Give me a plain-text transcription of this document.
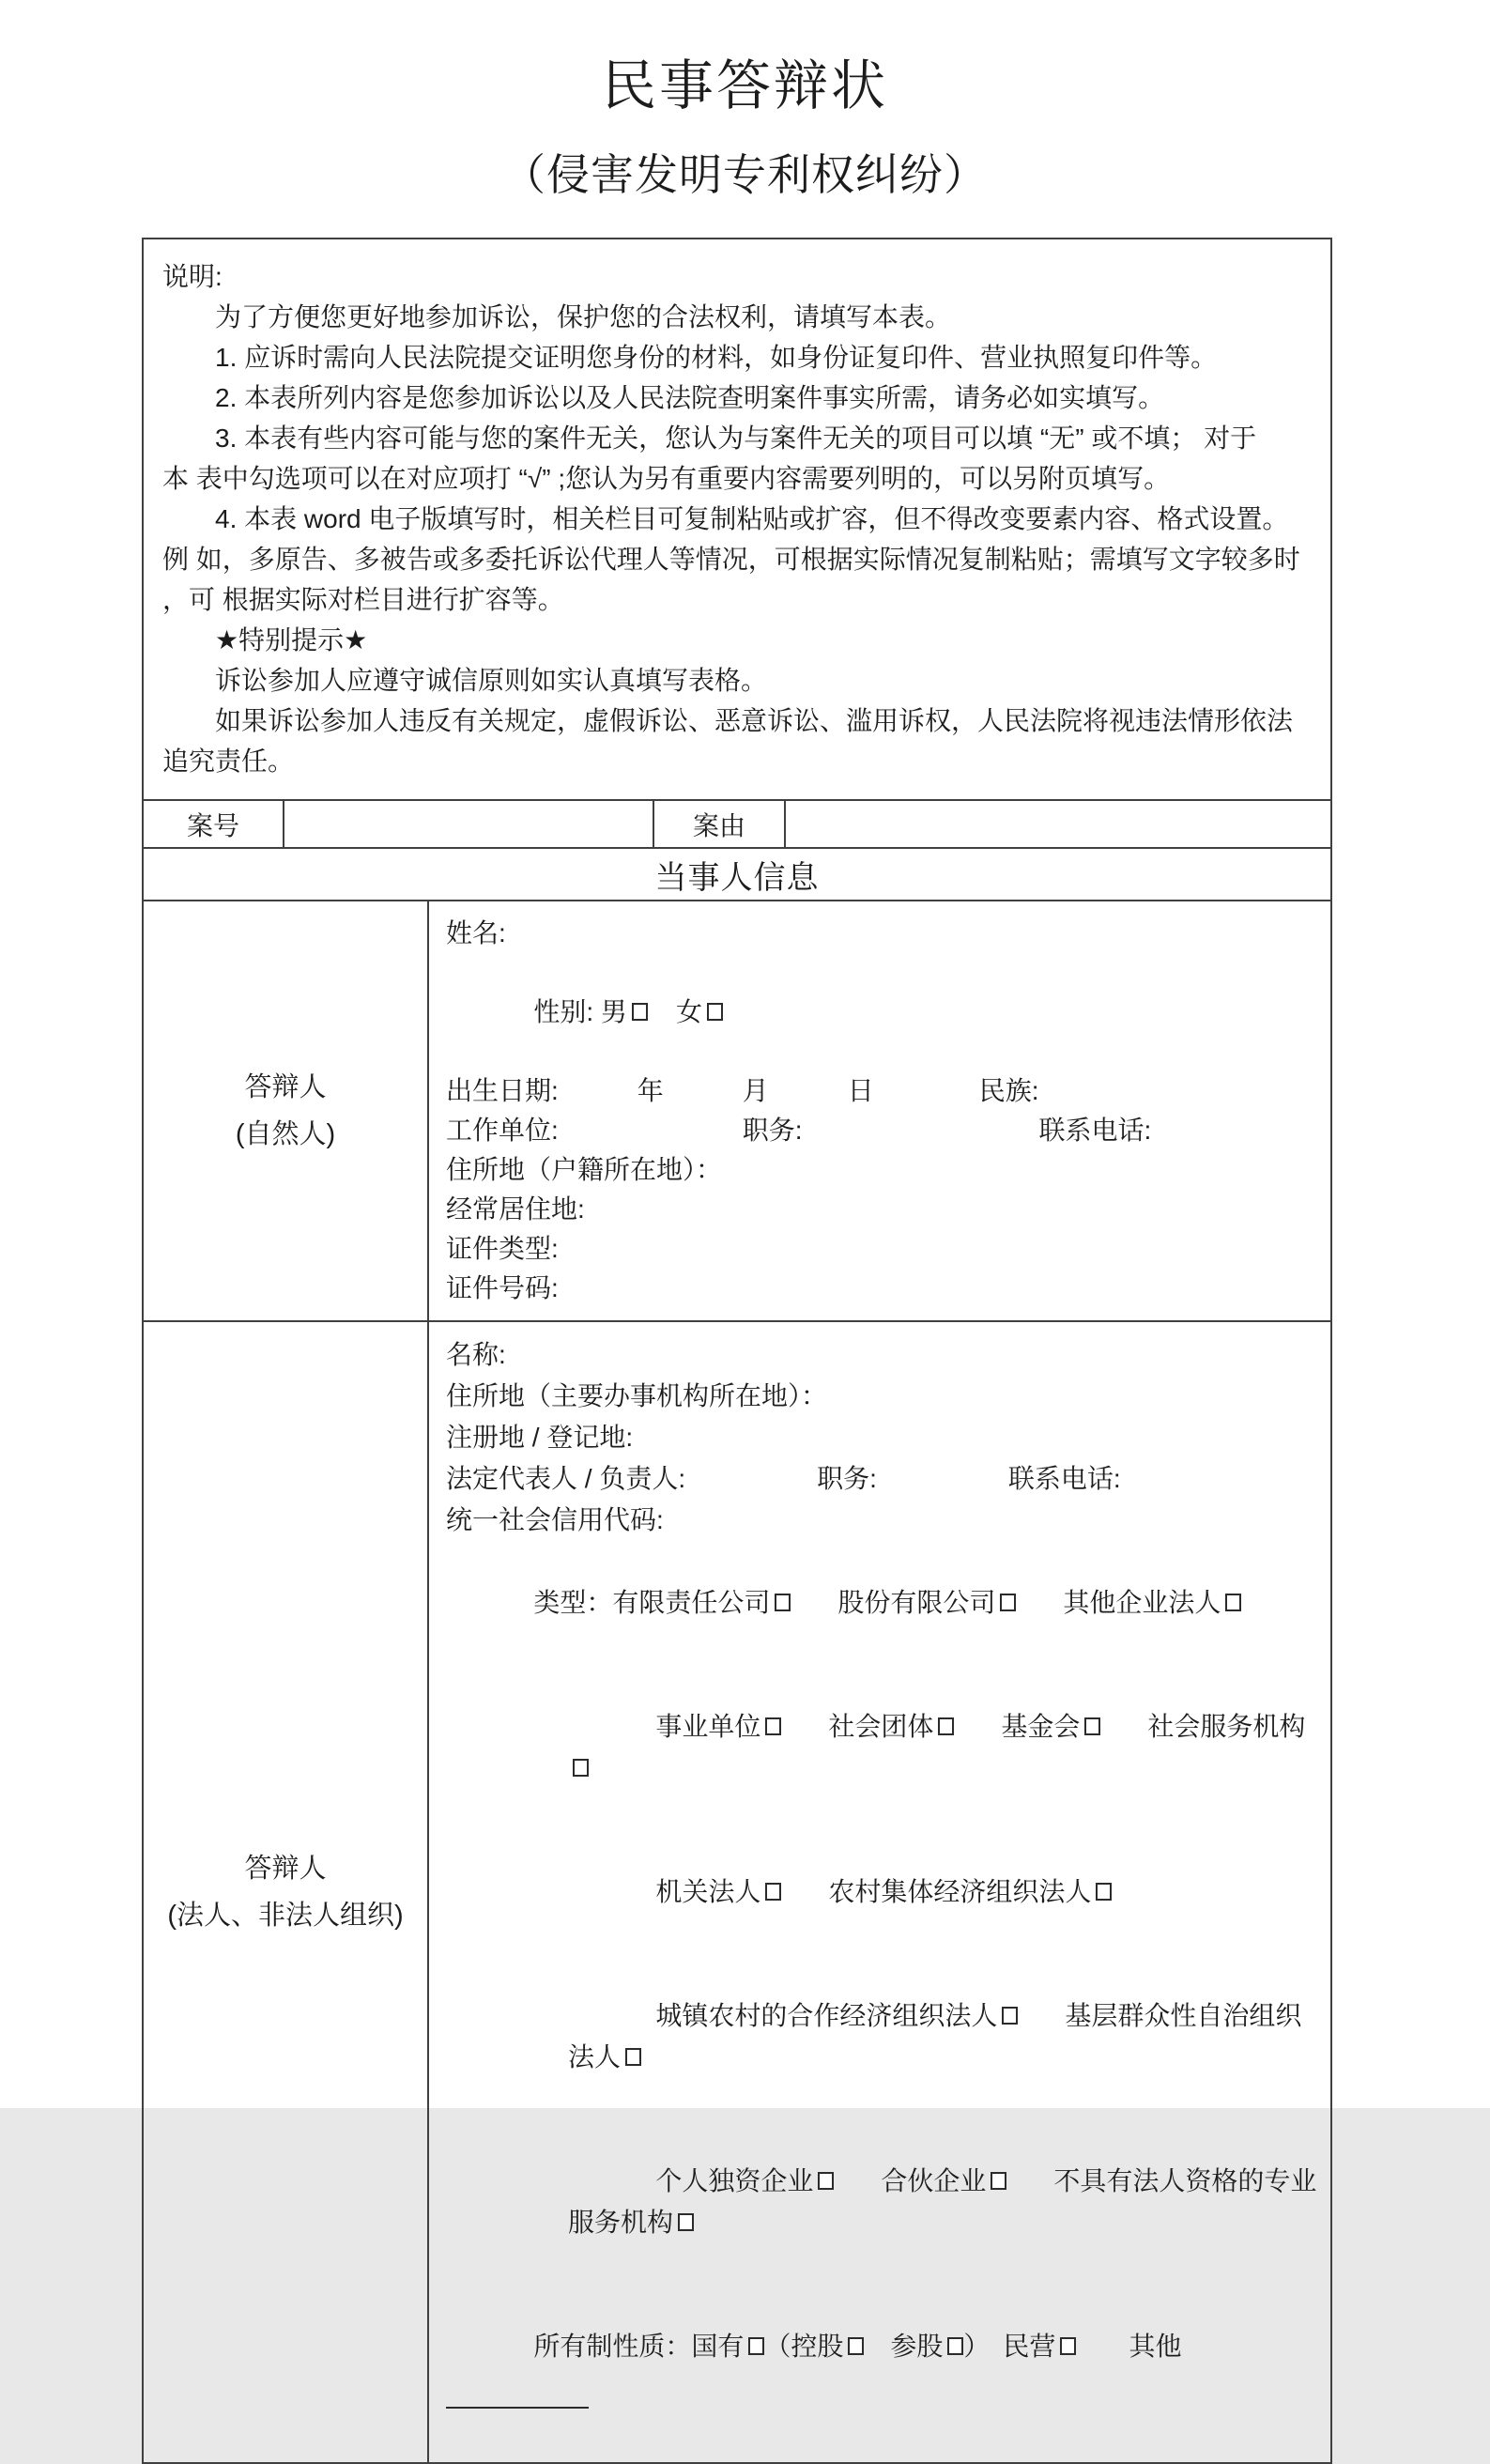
民事答辩状
（侵害发明专利权纠纷）
说明:
　　为了方便您更好地参加诉讼，保护您的合法权利，请填写本表。
　　1. 应诉时需向人民法院提交证明您身份的材料，如身份证复印件、营业执照复印件等。
　　2. 本表所列内容是您参加诉讼以及人民法院查明案件事实所需，请务必如实填写。
　　3. 本表有些内容可能与您的案件无关，您认为与案件无关的项目可以填 “无” 或不填； 对于
本 表中勾选项可以在对应项打 “√” ;您认为另有重要内容需要列明的，可以另附页填写。
　　4. 本表 word 电子版填写时，相关栏目可复制粘贴或扩容，但不得改变要素内容、格式设置。
例 如，多原告、多被告或多委托诉讼代理人等情况，可根据实际情况复制粘贴；需填写文字较多时
，可 根据实际对栏目进行扩容等。
　　★特别提示★
　　诉讼参加人应遵守诚信原则如实认真填写表格。
　　如果诉讼参加人违反有关规定，虚假诉讼、恶意诉讼、滥用诉权，人民法院将视违法情形依法
追究责任。
案号		案由	
当事人信息
答辩人
(自然人)

姓名:

性别: 男 女

出生日期:　　　年　　　月　　　日　　　　民族:
工作单位:　　　　　　　职务:　　　　　　　　　联系电话:
住所地（户籍所在地）：
经常居住地:
证件类型:
证件号码:

答辩人
(法人、非法人组织)

名称:
住所地（主要办事机构所在地）：
注册地 / 登记地:
法定代表人 / 负责人:　　　　　职务:　　　　　联系电话:
统一社会信用代码:

类型：有限责任公司	股份有限公司	其他企业法人

事业单位	社会团体	基金会	社会服务机构

机关法人	农村集体经济组织法人

城镇农村的合作经济组织法人	基层群众性自治组织法人

个人独资企业	合伙企业	不具有法人资格的专业服务机构

所有制性质：国有 （控股　参股 ）　民营　　其他
